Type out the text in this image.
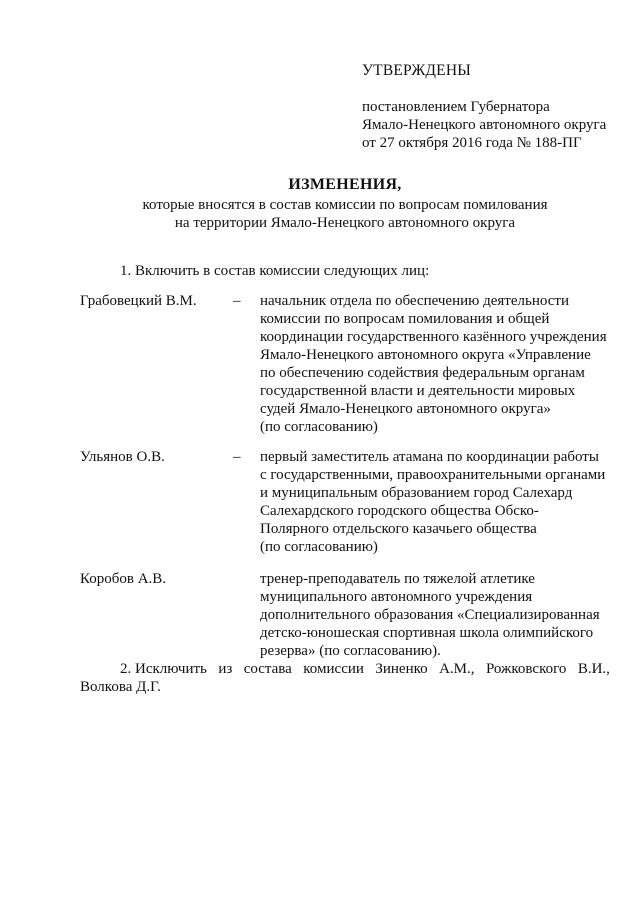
УТВЕРЖДЕНЫ
постановлением Губернатора
Ямало-Ненецкого автономного округа
от 27 октября 2016 года № 188-ПГ
ИЗМЕНЕНИЯ,
которые вносятся в состав комиссии по вопросам помилования
на территории Ямало-Ненецкого автономного округа
1. Включить в состав комиссии следующих лиц:
Грабовецкий В.М. – начальник отдела по обеспечению деятельности
комиссии по вопросам помилования и общей
координации государственного казённого учреждения
Ямало-Ненецкого автономного округа «Управление
по обеспечению содействия федеральным органам
государственной власти и деятельности мировых
судей Ямало-Ненецкого автономного округа»
(по согласованию)
Ульянов О.В.	– первый заместитель атамана по координации работы
с государственными, правоохранительными органами
и муниципальным образованием город Салехард
Салехардского городского общества Обско-
Полярного отдельского казачьего общества
(по согласованию)
Коробов А.В.	тренер-преподаватель по тяжелой атлетике
муниципального автономного учреждения
дополнительного образования «Специализированная
детско-юношеская спортивная школа олимпийского
резерва» (по согласованию).
2. Исключить из состава комиссии Зиненко А.М., Рожковского В.И.,
Волкова Д.Г.
